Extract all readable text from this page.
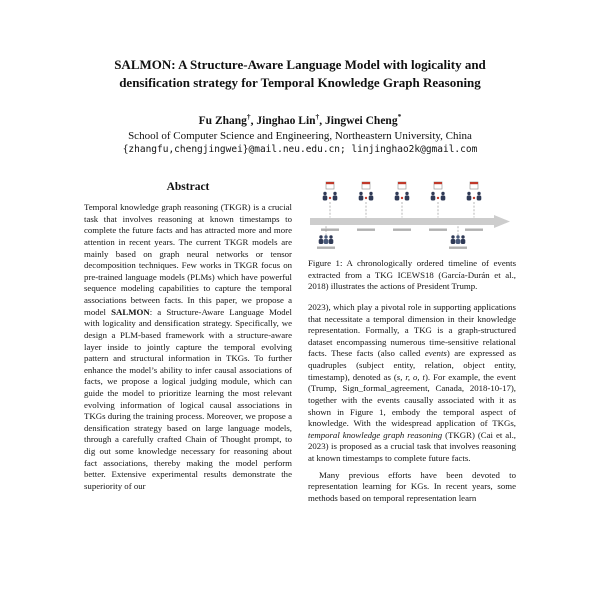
SALMON: A Structure-Aware Language Model with logicality and
densification strategy for Temporal Knowledge Graph Reasoning
Fu Zhang†, Jinghao Lin†, Jingwei Cheng*
School of Computer Science and Engineering, Northeastern University, China
{zhangfu,chengjingwei}@mail.neu.edu.cn; linjinghao2k@gmail.com
Abstract

Temporal knowledge graph reasoning (TKGR) is a crucial task that involves reasoning at known timestamps to complete the future facts and has attracted more and more attention in recent years. The current TKGR models are mainly based on graph neural networks or tensor decomposition techniques. Few works in TKGR focus on pre-trained language models (PLMs) which have powerful sequence modeling capabilities to capture the temporal associations between facts. In this paper, we propose a model SALMON: a Structure-Aware Language Model with logicality and densification strategy. Specifically, we design a PLM-based framework with a structure-aware layer inside to jointly capture the temporal evolving pattern and structural information in TKGs. To further enhance the model’s ability to infer causal associations of facts, we propose a logical judging module, which can guide the model to prioritize learning the most relevant evolving information of logical causal associations in TKGs during the training process. Moreover, we propose a densification strategy based on large language models, through a carefully crafted Chain of Thought prompt, to dig out some knowledge necessary for reasoning about fact associations, thereby making the model perform better. Extensive experimental results demonstrate the superiority of our

Figure 1: A chronologically ordered timeline of events extracted from a TKG ICEWS18 (García-Durán et al., 2018) illustrates the actions of President Trump.

2023), which play a pivotal role in supporting applications that necessitate a temporal dimension in their knowledge representation. Formally, a TKG is a graph-structured dataset encompassing numerous time-sensitive relational facts. These facts (also called events) are expressed as quadruples (subject entity, relation, object entity, timestamp), denoted as (s, r, o, t). For example, the event (Trump, Sign_formal_agreement, Canada, 2018-10-17), together with the events causally associated with it as shown in Figure 1, embody the temporal aspect of knowledge. With the widespread application of TKGs, temporal knowledge graph reasoning (TKGR) (Cai et al., 2023) is proposed as a crucial task that involves reasoning at known timestamps to complete future facts.

Many previous efforts have been devoted to representation learning for KGs. In recent years, some methods based on temporal representation learn
